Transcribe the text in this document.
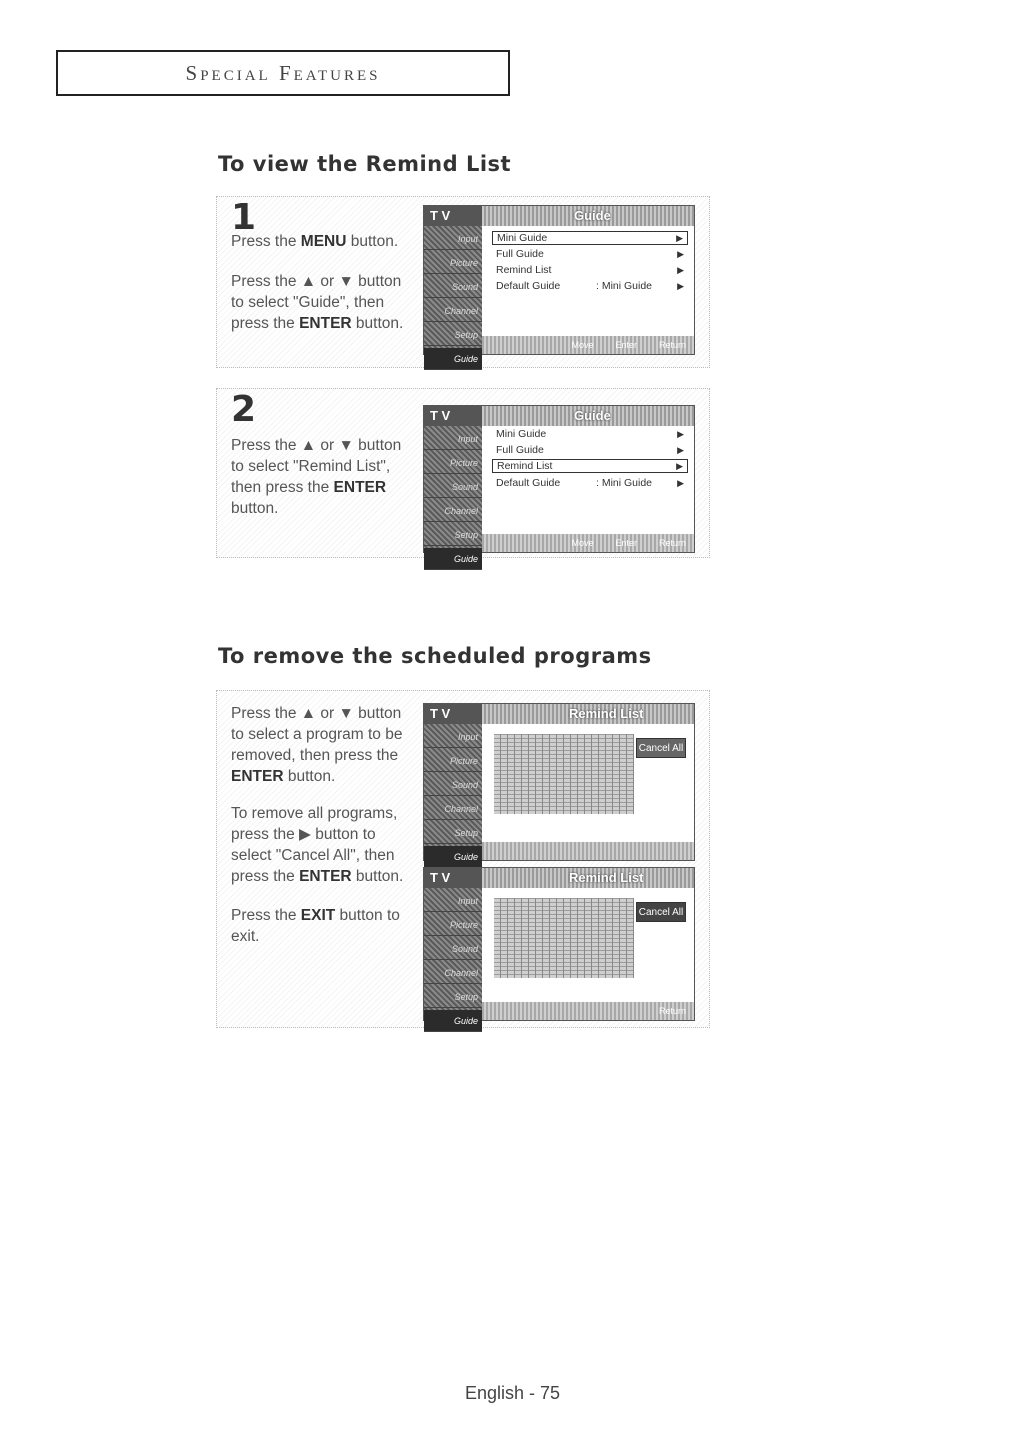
Special Features
To view the Remind List
1
Press the MENU button.
Press the ▲ or ▼ button to select "Guide", then press the ENTER button.
T V	Guide
Input
Picture
Sound
Channel
Setup
Guide
Mini Guide	▶
Full Guide	▶
Remind List	▶
Default Guide	: Mini Guide	▶
Move Enter Return
2
Press the ▲ or ▼ button to select "Remind List", then press the ENTER button.
T V	Guide
Input
Picture
Sound
Channel
Setup
Guide
Mini Guide	▶
Full Guide	▶
Remind List	▶
Default Guide	: Mini Guide	▶
Move Enter Return
To remove the scheduled programs
Press the ▲ or ▼ button to select a program to be removed, then press the ENTER button.
To remove all programs, press the ▶ button to select "Cancel All", then press the ENTER button.
Press the EXIT button to exit.
T V	Remind List
Input
Picture
Sound
Channel
Setup
Guide
Cancel All
T V	Remind List
Input
Picture
Sound
Channel
Setup
Guide
Cancel All
Return
English - 75
